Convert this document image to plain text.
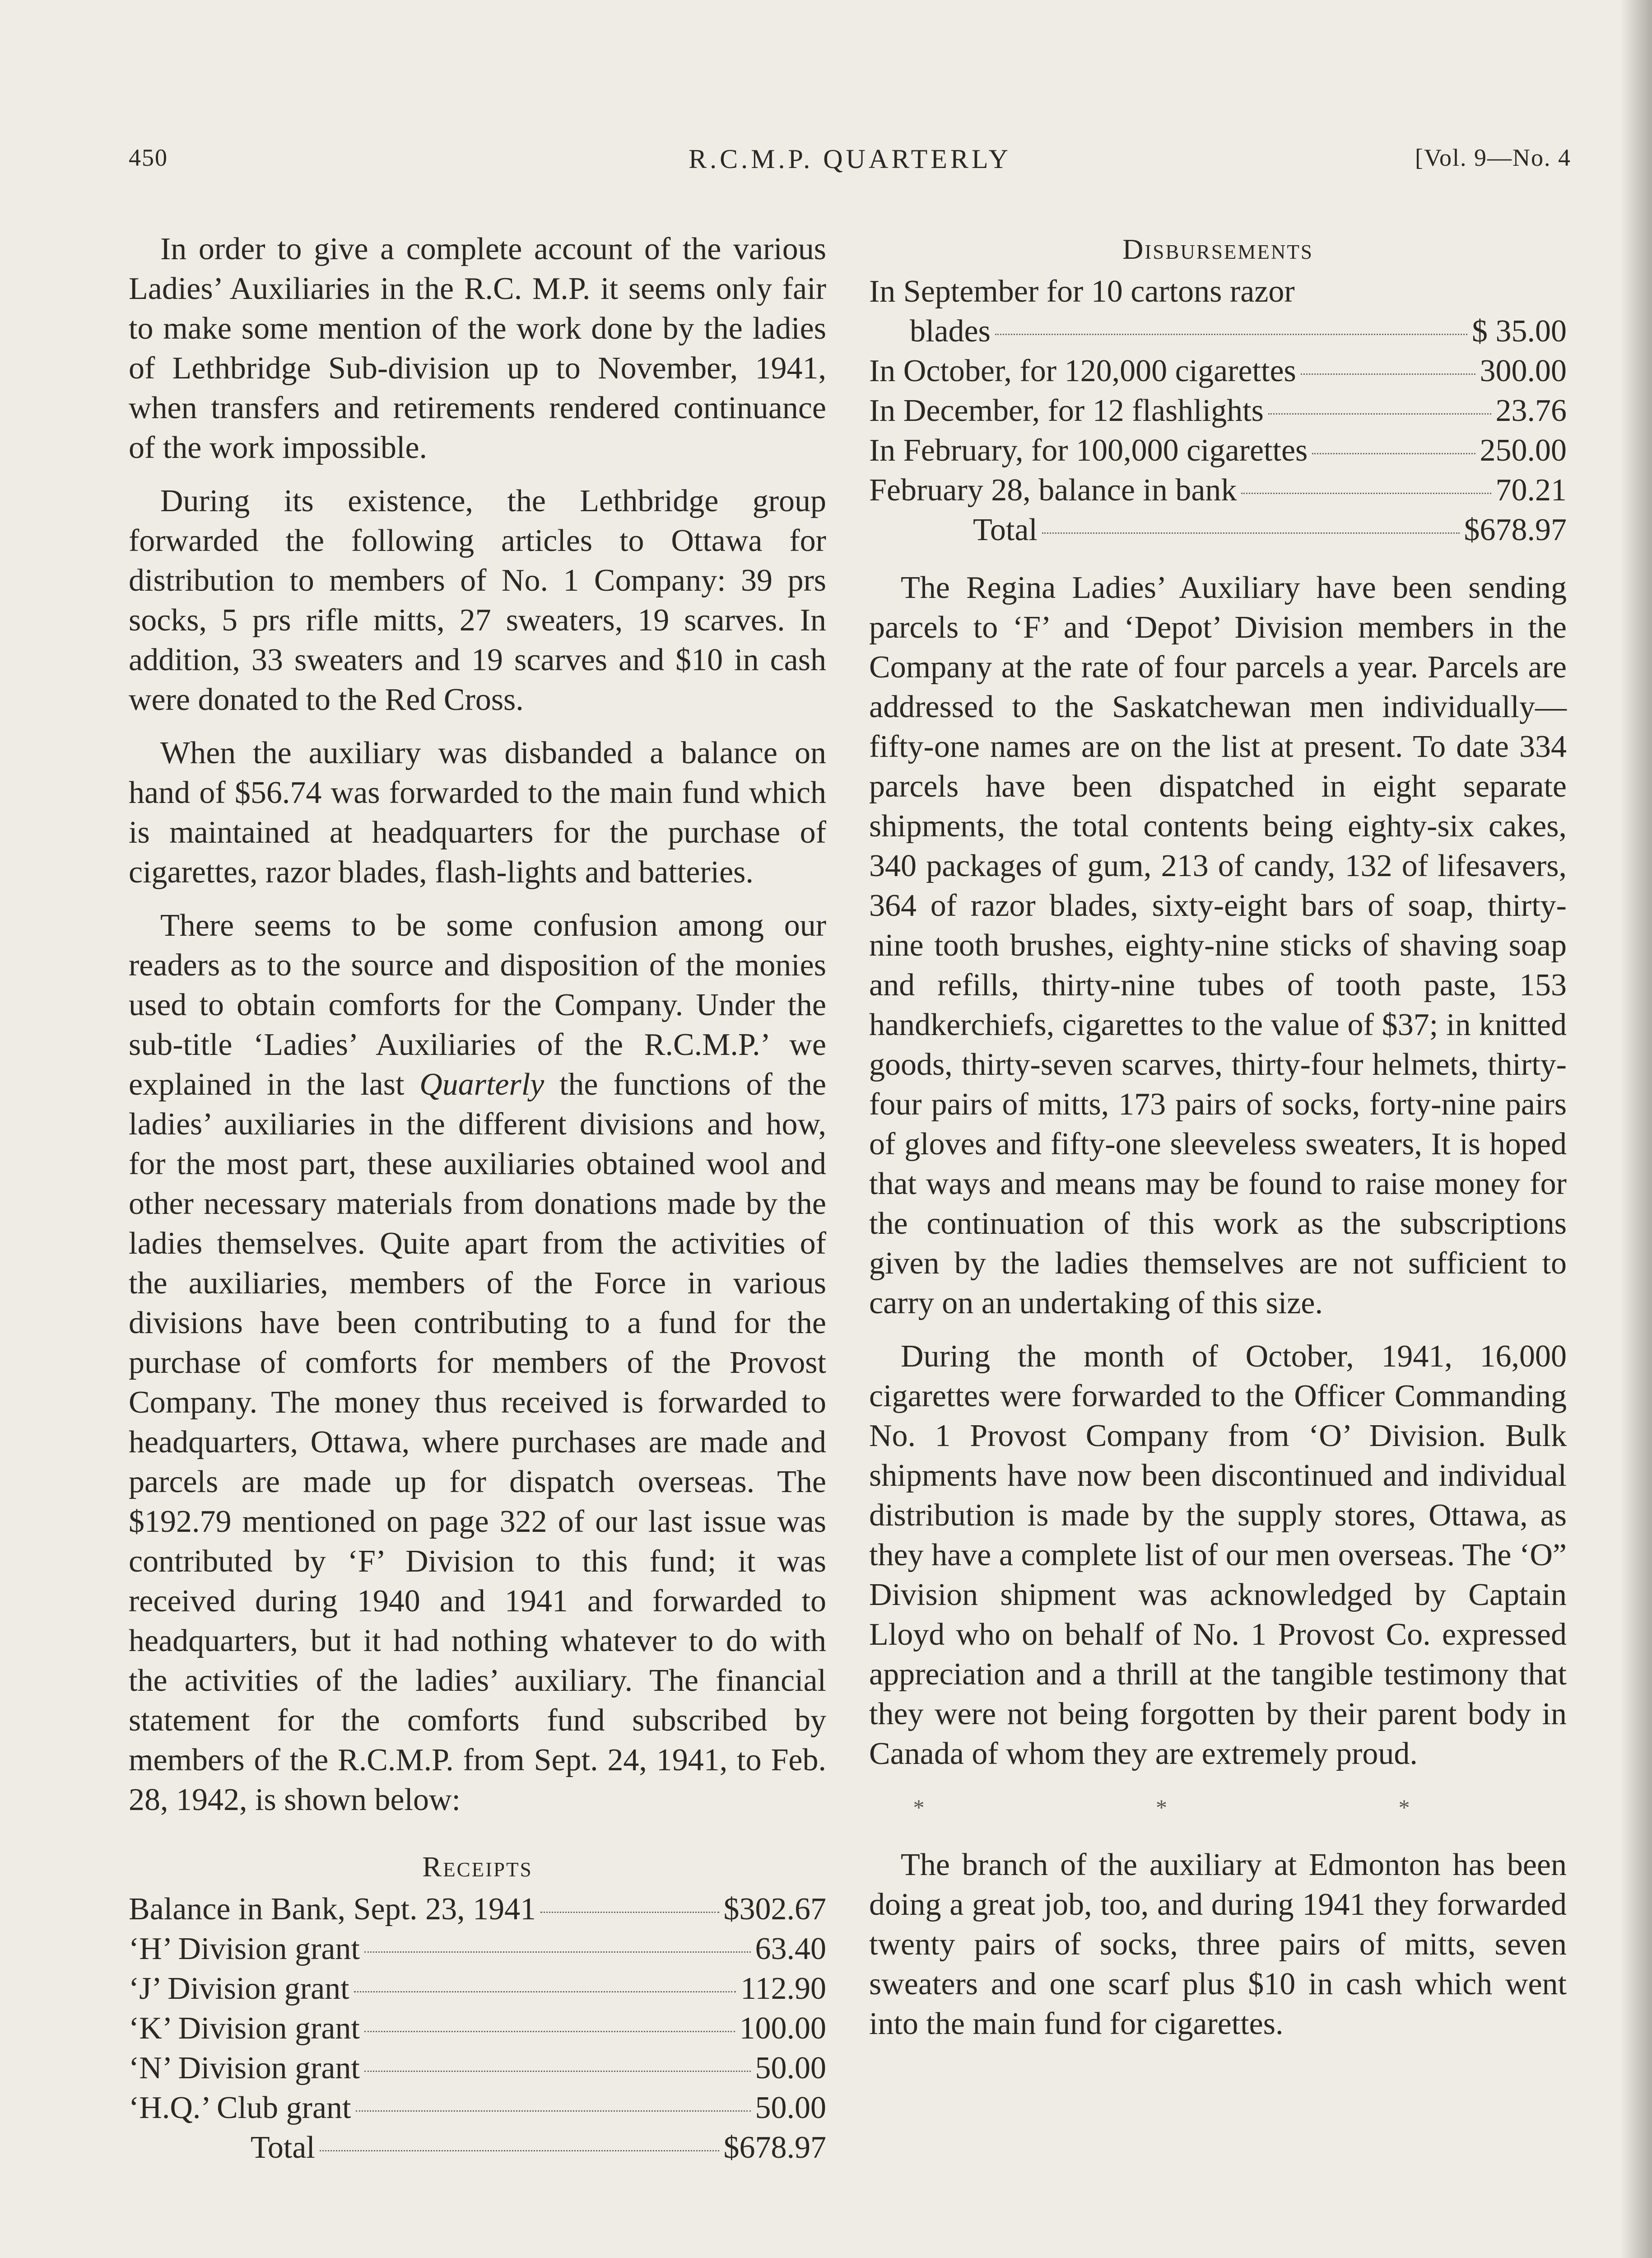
450	R.C.M.P. QUARTERLY	[Vol. 9—No. 4

In order to give a complete account of the various Ladies’ Auxiliaries in the R.C. M.P. it seems only fair to make some mention of the work done by the ladies of Lethbridge Sub-division up to November, 1941, when transfers and retirements rendered continuance of the work impossible.

During its existence, the Lethbridge group forwarded the following articles to Ottawa for distribution to members of No. 1 Company: 39 prs socks, 5 prs rifle mitts, 27 sweaters, 19 scarves. In addition, 33 sweaters and 19 scarves and $10 in cash were donated to the Red Cross.

When the auxiliary was disbanded a balance on hand of $56.74 was forwarded to the main fund which is maintained at headquarters for the purchase of cigarettes, razor blades, flash-lights and batteries.

There seems to be some confusion among our readers as to the source and disposition of the monies used to obtain comforts for the Company. Under the sub-title ‘Ladies’ Auxiliaries of the R.C.M.P.’ we explained in the last Quarterly the functions of the ladies’ auxiliaries in the different divisions and how, for the most part, these auxiliaries obtained wool and other necessary materials from donations made by the ladies themselves. Quite apart from the activities of the auxiliaries, members of the Force in various divisions have been contributing to a fund for the purchase of comforts for members of the Provost Company. The money thus received is forwarded to headquarters, Ottawa, where purchases are made and parcels are made up for dispatch overseas. The $192.79 mentioned on page 322 of our last issue was contributed by ‘F’ Division to this fund; it was received during 1940 and 1941 and forwarded to headquarters, but it had nothing whatever to do with the activities of the ladies’ auxiliary. The financial statement for the comforts fund subscribed by members of the R.C.M.P. from Sept. 24, 1941, to Feb. 28, 1942, is shown below:

Receipts
Balance in Bank, Sept. 23, 1941	$302.67
‘H’ Division grant	63.40
‘J’ Division grant	112.90
‘K’ Division grant	100.00
‘N’ Division grant	50.00
‘H.Q.’ Club grant	50.00
Total	$678.97
Disbursements
In September for 10 cartons razor
blades	$ 35.00
In October, for 120,000 cigarettes	300.00
In December, for 12 flashlights	23.76
In February, for 100,000 cigarettes	250.00
February 28, balance in bank	70.21
Total	$678.97

The Regina Ladies’ Auxiliary have been sending parcels to ‘F’ and ‘Depot’ Division members in the Company at the rate of four parcels a year. Parcels are addressed to the Saskatchewan men individually—fifty-one names are on the list at present. To date 334 parcels have been dispatched in eight separate shipments, the total contents being eighty-six cakes, 340 packages of gum, 213 of candy, 132 of lifesavers, 364 of razor blades, sixty-eight bars of soap, thirty-nine tooth brushes, eighty-nine sticks of shaving soap and refills, thirty-nine tubes of tooth paste, 153 handkerchiefs, cigarettes to the value of $37; in knitted goods, thirty-seven scarves, thirty-four helmets, thirty-four pairs of mitts, 173 pairs of socks, forty-nine pairs of gloves and fifty-one sleeveless sweaters, It is hoped that ways and means may be found to raise money for the continuation of this work as the subscriptions given by the ladies themselves are not sufficient to carry on an undertaking of this size.

During the month of October, 1941, 16,000 cigarettes were forwarded to the Officer Commanding No. 1 Provost Company from ‘O’ Division. Bulk shipments have now been discontinued and individual distribution is made by the supply stores, Ottawa, as they have a complete list of our men overseas. The ‘O” Division shipment was acknowledged by Captain Lloyd who on behalf of No. 1 Provost Co. expressed appreciation and a thrill at the tangible testimony that they were not being forgotten by their parent body in Canada of whom they are extremely proud.

* * *

The branch of the auxiliary at Edmonton has been doing a great job, too, and during 1941 they forwarded twenty pairs of socks, three pairs of mitts, seven sweaters and one scarf plus $10 in cash which went into the main fund for cigarettes.
